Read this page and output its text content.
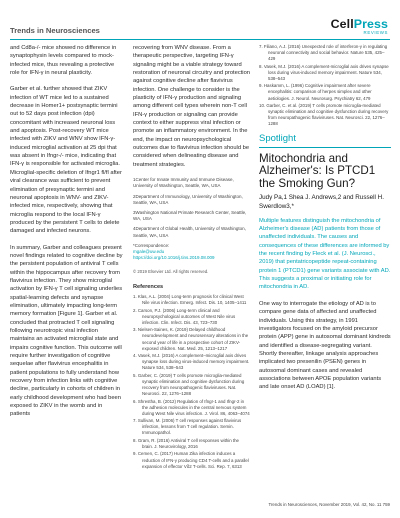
Trends in Neurosciences	CellPress
REVIEWS

and Cd8a-/- mice showed no difference in synaptophysin levels compared to mock-infected mice, thus revealing a protective role for IFN-γ in neural plasticity.

Garber et al. further showed that ZIKV infection of WT mice led to a sustained decrease in Homer1+ postsynaptic termini out to 52 days post infection (dpi) concomitant with increased neuronal loss and apoptosis. Post-recovery WT mice infected with ZIKV and WNV show IFN-γ-induced microglial activation at 25 dpi that was absent in Ifngr-/- mice, indicating that IFN-γ is responsible for activated microglia. Microglial-specific deletion of Ifngr1 fl/fl after viral clearance was sufficient to prevent elimination of presynaptic termini and neuronal apoptosis in WNV- and ZIKV-infected mice, respectively, showing that microglia respond to the local IFN-γ produced by the persistent T cells to delete damaged and infected neurons.

In summary, Garber and colleagues present novel findings related to cognitive decline by the persistent population of antiviral T cells within the hippocampus after recovery from flavivirus infection. They show microglial activation by IFN-γ T cell signaling underlies spatial-learning defects and synapse elimination, ultimately impacting long-term memory formation [Figure 1]. Garber et al. concluded that protracted T cell signaling following neurotropic viral infection maintains an activated microglial state and impairs cognitive function. This outcome will require further investigation of cognitive sequelae after flavivirus encephalitis in patient populations to fully understand how recovery from infection links with cognitive decline, particularly in cohorts of children in early childhood development who had been exposed to ZIKV in the womb and in patients

recovering from WNV disease. From a therapeutic perspective, targeting IFN-γ signaling might be a viable strategy toward restoration of neuronal circuitry and protection against cognitive decline after flavivirus infection. One challenge to consider is the plasticity of IFN-γ production and signaling among different cell types wherein non-T cell IFN-γ production or signaling can provide context to either suppress viral infection or promote an inflammatory environment. In the end, the impact on neuropsychological outcomes due to flavivirus infection should be considered when delineating disease and treatment strategies.

1Center for Innate Immunity and Immune Disease, University of Washington, Seattle, WA, USA
2Department of Immunology, University of Washington, Seattle, WA, USA
3Washington National Primate Research Center, Seattle, WA, USA
4Department of Global Health, University of Washington, Seattle, WA, USA
*Correspondence:
mgale@uw.edu
https://doi.org/10.1016/j.tins.2019.08.009
© 2019 Elsevier Ltd. All rights reserved.
References
1. Klas, A.L. (2004) Long-term prognosis for clinical West Nile virus infection. Emerg. Infect. Dis. 10, 1405–1411
2. Carson, P.J. (2006) Long-term clinical and neuropsychological outcomes of West Nile virus infection. Clin. Infect. Dis. 43, 723–730
3. Nielsen-Saines, K. (2019) Delayed childhood neurodevelopment and neurosensory alterations in the second year of life in a prospective cohort of ZIKV-exposed children. Nat. Med. 25, 1213–1217
4. Vasek, M.J. (2016) A complement–microglial axis drives synapse loss during virus-induced memory impairment. Nature 534, 538–543
5. Garber, C. (2019) T cells promote microglia-mediated synaptic elimination and cognitive dysfunction during recovery from neuropathogenic flaviviruses. Nat. Neurosci. 22, 1276–1288
6. Shrestha, B. (2012) Regulation of Ifngr-1 and Ifngr-2 in the adhesion molecules in the central nervous system during West Nile virus infection. J. Virol. 86, 4063–4074
7. Sullivan, M. (2006) T cell responses against flavivirus infection, lessons from T cell regulation. Semin. Immunopathol.
8. Gram, R. (2016) Antiviral T cell responses within the brain. J. Neurovirology, 2016
9. Cemen, C. (2017) Human Zika infection induces a reduction of IFN-γ producing CD4 T-cells and a parallel expansion of effector Vδ2 T-cells. Sci. Rep. 7, 6313
7. Filiano, A.J. (2016) Unexpected role of interferon-γ in regulating neuronal connectivity and social behavior. Nature 535, 425–429
8. Vasek, M.J. (2016) A complement-microglial axis drives synapse loss during virus-induced memory impairment. Nature 534, 538–543
9. Haskamm, L. (1996) Cognitive impairment after severe encephalitis: comparison of herpes simplex and other aetiologies. J. Neurol. Neurosurg. Psychiatry 62, 479
10. Garber, C. et al. (2019) T cells promote microglia-mediated synaptic elimination and cognitive dysfunction during recovery from neuropathogenic flaviviruses. Nat. Neurosci. 22, 1276–1288
Spotlight
Mitochondria and Alzheimer's: Is PTCD1 the Smoking Gun?
Judy Pa,1 Shea J. Andrews,2 and Russell H. Swerdlow3,*

Multiple features distinguish the mitochondria of Alzheimer's disease (AD) patients from those of unaffected individuals. The causes and consequences of these differences are informed by the recent finding by Fleck et al. (J. Neurosci., 2019) that pentatricopeptide repeat-containing protein 1 (PTCD1) gene variants associate with AD. This suggests a proximal or initiating role for mitochondria in AD.

One way to interrogate the etiology of AD is to compare gene data of affected and unaffected individuals. Using this strategy, in 1991 investigators focused on the amyloid precursor protein (APP) gene in autosomal dominant kindreds and identified a disease-segregating variant. Shortly thereafter, linkage analysis approaches implicated two presenilin (PSEN) genes in autosomal dominant cases and revealed associations between APOE population variants and late onset AD (LOAD) [1].

Trends in Neurosciences, November 2019, Vol. 42, No. 11 759
